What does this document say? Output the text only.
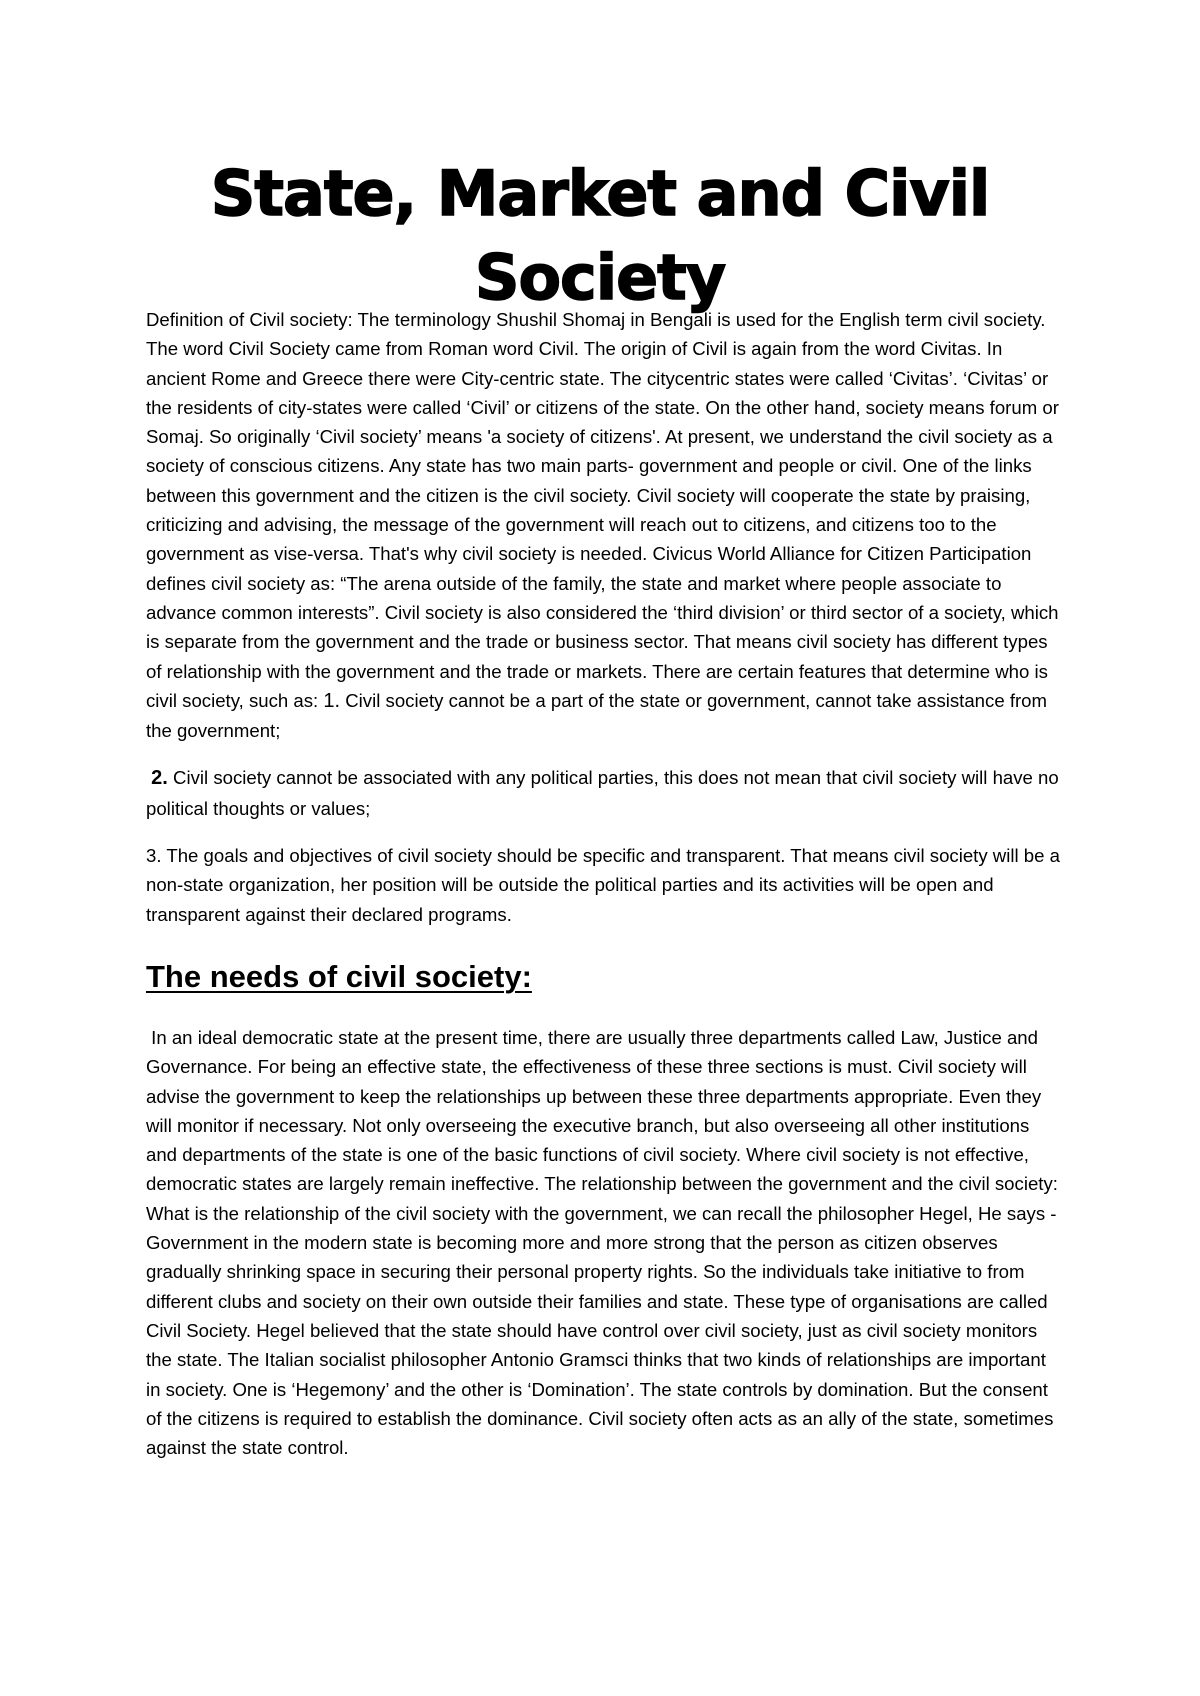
State, Market and Civil Society

Definition of Civil society: The terminology Shushil Shomaj in Bengali is used for the English term civil society. The word Civil Society came from Roman word Civil. The origin of Civil is again from the word Civitas. In ancient Rome and Greece there were City-centric state. The citycentric states were called ‘Civitas’. ‘Civitas’ or the residents of city-states were called ‘Civil’ or citizens of the state. On the other hand, society means forum or Somaj. So originally ‘Civil society’ means 'a society of citizens'. At present, we understand the civil society as a society of conscious citizens. Any state has two main parts- government and people or civil. One of the links between this government and the citizen is the civil society. Civil society will cooperate the state by praising, criticizing and advising, the message of the government will reach out to citizens, and citizens too to the government as vise-versa. That's why civil society is needed. Civicus World Alliance for Citizen Participation defines civil society as: “The arena outside of the family, the state and market where people associate to advance common interests”. Civil society is also considered the ‘third division’ or third sector of a society, which is separate from the government and the trade or business sector. That means civil society has different types of relationship with the government and the trade or markets. There are certain features that determine who is civil society, such as: 1. Civil society cannot be a part of the state or government, cannot take assistance from the government;

2. Civil society cannot be associated with any political parties, this does not mean that civil society will have no political thoughts or values;

3. The goals and objectives of civil society should be specific and transparent. That means civil society will be a non-state organization, her position will be outside the political parties and its activities will be open and transparent against their declared programs.

The needs of civil society:

In an ideal democratic state at the present time, there are usually three departments called Law, Justice and Governance. For being an effective state, the effectiveness of these three sections is must. Civil society will advise the government to keep the relationships up between these three departments appropriate. Even they will monitor if necessary. Not only overseeing the executive branch, but also overseeing all other institutions and departments of the state is one of the basic functions of civil society. Where civil society is not effective, democratic states are largely remain ineffective. The relationship between the government and the civil society: What is the relationship of the civil society with the government, we can recall the philosopher Hegel, He says - Government in the modern state is becoming more and more strong that the person as citizen observes gradually shrinking space in securing their personal property rights. So the individuals take initiative to from different clubs and society on their own outside their families and state. These type of organisations are called Civil Society. Hegel believed that the state should have control over civil society, just as civil society monitors the state. The Italian socialist philosopher Antonio Gramsci thinks that two kinds of relationships are important in society. One is ‘Hegemony’ and the other is ‘Domination’. The state controls by domination. But the consent of the citizens is required to establish the dominance. Civil society often acts as an ally of the state, sometimes against the state control.
